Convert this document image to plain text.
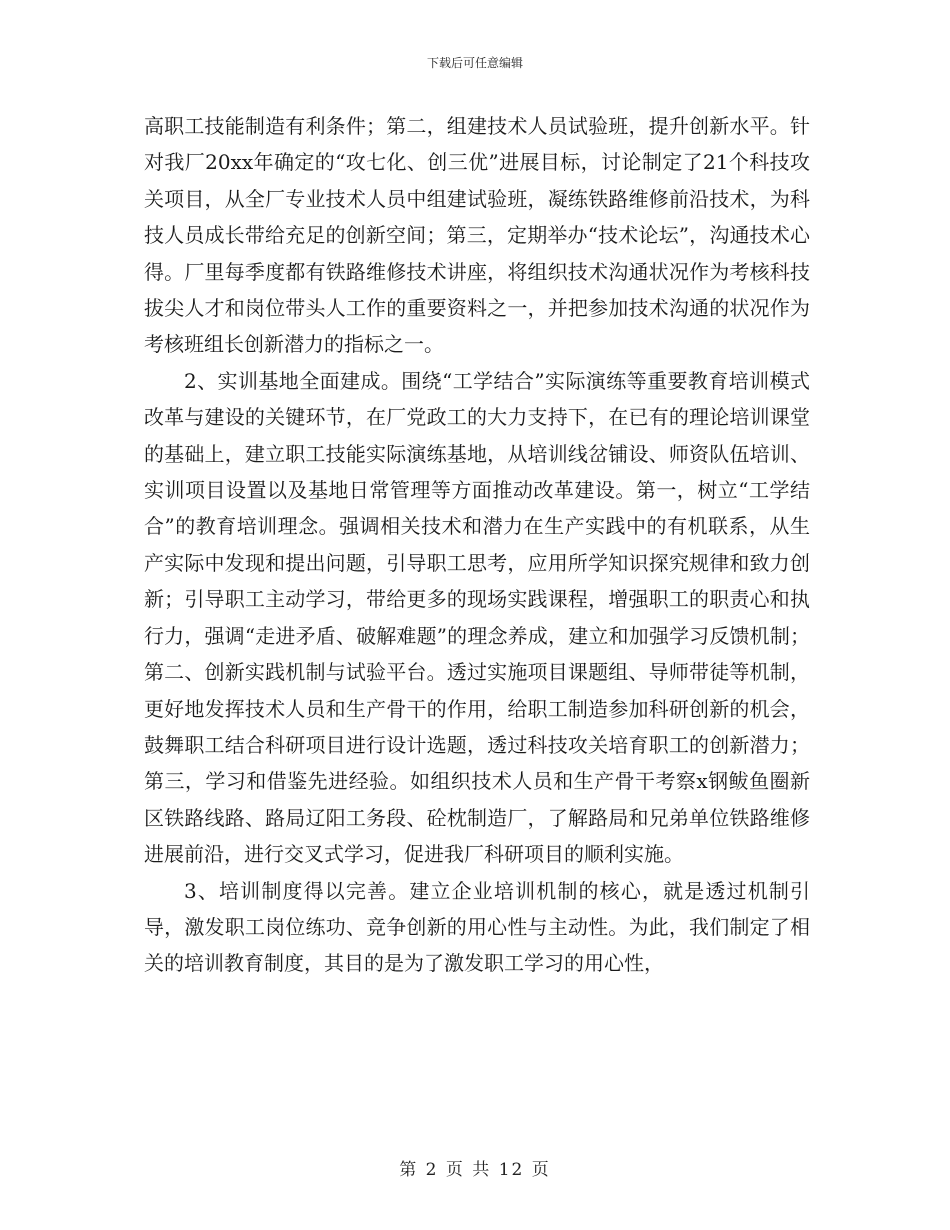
下载后可任意编辑

高职工技能制造有利条件；第二，组建技术人员试验班，提升创新水平。针对我厂20xx年确定的“攻七化、创三优”进展目标，讨论制定了21个科技攻关项目，从全厂专业技术人员中组建试验班，凝练铁路维修前沿技术，为科技人员成长带给充足的创新空间；第三，定期举办“技术论坛”，沟通技术心得。厂里每季度都有铁路维修技术讲座，将组织技术沟通状况作为考核科技拔尖人才和岗位带头人工作的重要资料之一，并把参加技术沟通的状况作为考核班组长创新潜力的指标之一。

2、实训基地全面建成。围绕“工学结合”实际演练等重要教育培训模式改革与建设的关键环节，在厂党政工的大力支持下，在已有的理论培训课堂的基础上，建立职工技能实际演练基地，从培训线岔铺设、师资队伍培训、实训项目设置以及基地日常管理等方面推动改革建设。第一，树立“工学结合”的教育培训理念。强调相关技术和潜力在生产实践中的有机联系，从生产实际中发现和提出问题，引导职工思考，应用所学知识探究规律和致力创新；引导职工主动学习，带给更多的现场实践课程，增强职工的职责心和执行力，强调“走进矛盾、破解难题”的理念养成，建立和加强学习反馈机制；第二、创新实践机制与试验平台。透过实施项目课题组、导师带徒等机制，更好地发挥技术人员和生产骨干的作用，给职工制造参加科研创新的机会，鼓舞职工结合科研项目进行设计选题，透过科技攻关培育职工的创新潜力；第三，学习和借鉴先进经验。如组织技术人员和生产骨干考察x钢鲅鱼圈新区铁路线路、路局辽阳工务段、砼枕制造厂，了解路局和兄弟单位铁路维修进展前沿，进行交叉式学习，促进我厂科研项目的顺利实施。

3、培训制度得以完善。建立企业培训机制的核心，就是透过机制引导，激发职工岗位练功、竞争创新的用心性与主动性。为此，我们制定了相关的培训教育制度，其目的是为了激发职工学习的用心性，

第 2 页 共 12 页
